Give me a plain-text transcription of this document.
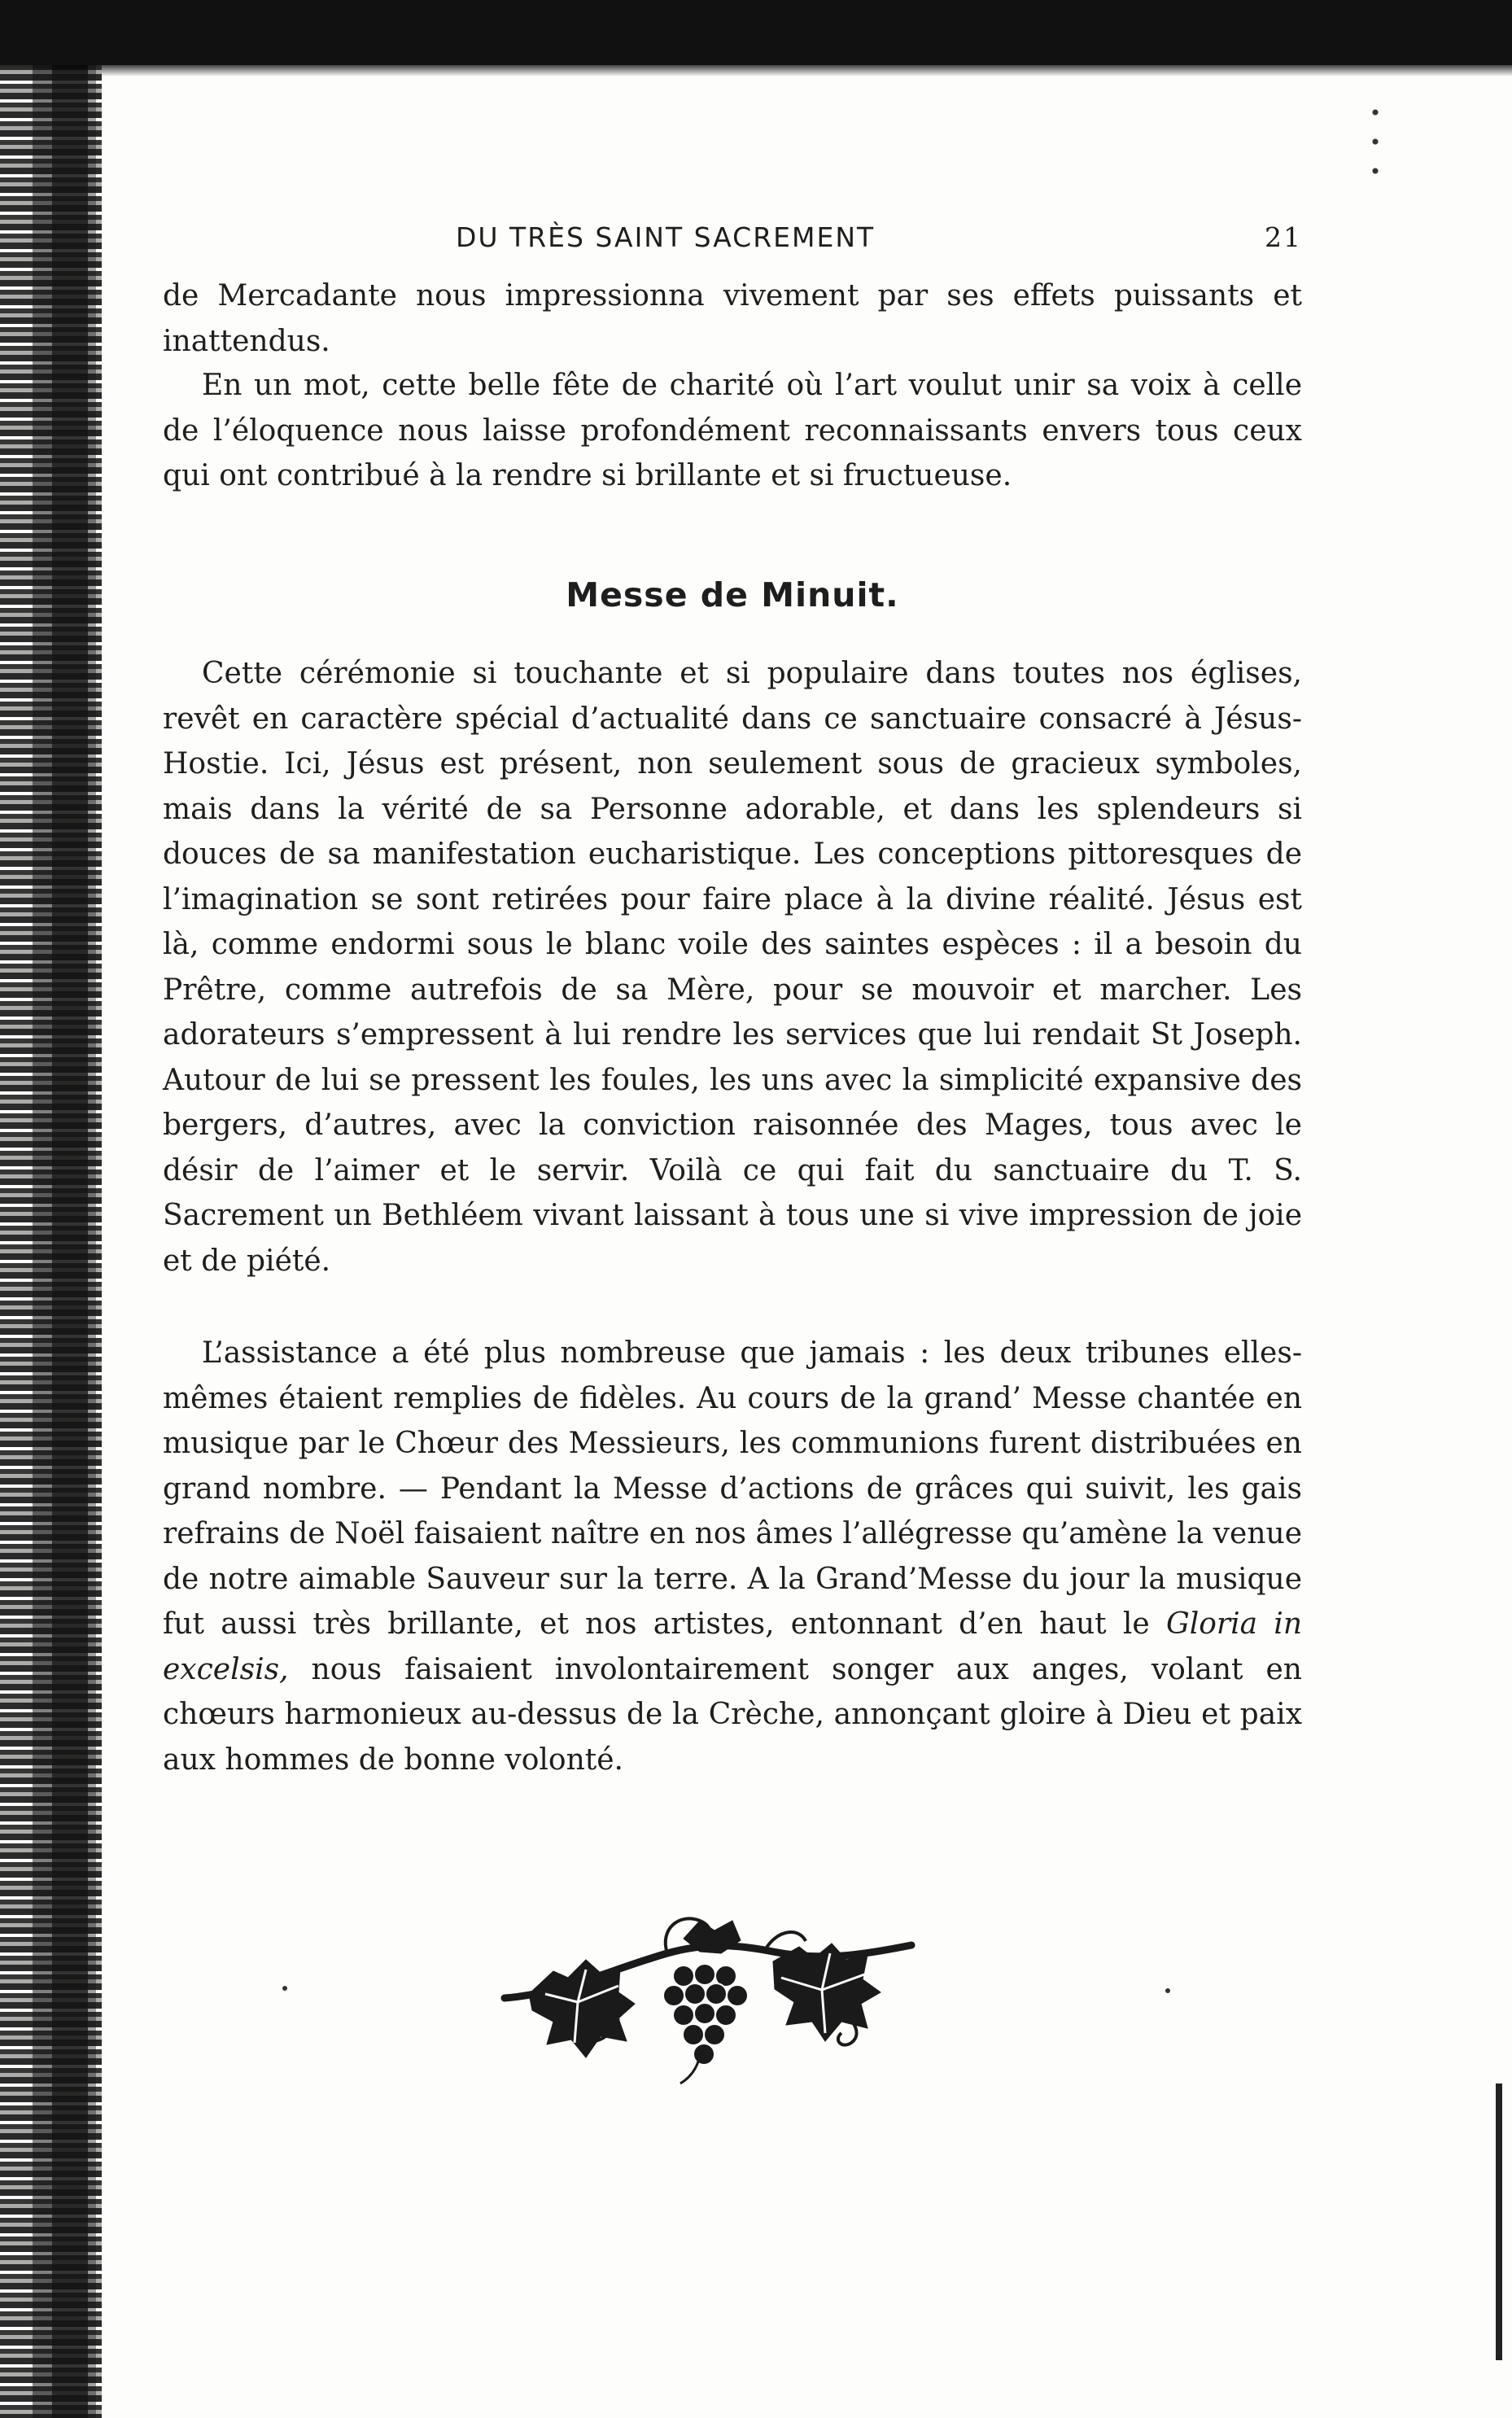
DU TRÈS SAINT SACREMENT	21

de Mercadante nous impressionna vivement par ses effets puissants et inattendus.

En un mot, cette belle fête de charité où l’art voulut unir sa voix à celle de l’éloquence nous laisse profondément reconnaissants envers tous ceux qui ont contribué à la rendre si brillante et si fructueuse.

Messe de Minuit.

Cette cérémonie si touchante et si populaire dans toutes nos églises, revêt en caractère spécial d’actualité dans ce sanctuaire consacré à Jésus-Hostie. Ici, Jésus est présent, non seulement sous de gracieux symboles, mais dans la vérité de sa Personne adorable, et dans les splendeurs si douces de sa manifestation eucharistique. Les conceptions pittoresques de l’imagination se sont retirées pour faire place à la divine réalité. Jésus est là, comme endormi sous le blanc voile des saintes espèces : il a besoin du Prêtre, comme autrefois de sa Mère, pour se mouvoir et marcher. Les adorateurs s’empressent à lui rendre les services que lui rendait St Joseph. Autour de lui se pressent les foules, les uns avec la simplicité expansive des bergers, d’autres, avec la conviction raisonnée des Mages, tous avec le désir de l’aimer et le servir. Voilà ce qui fait du sanctuaire du T. S. Sacrement un Bethléem vivant laissant à tous une si vive impression de joie et de piété.

L’assistance a été plus nombreuse que jamais : les deux tribunes elles-mêmes étaient remplies de fidèles. Au cours de la grand’ Messe chantée en musique par le Chœur des Messieurs, les communions furent distribuées en grand nombre. — Pendant la Messe d’actions de grâces qui suivit, les gais refrains de Noël faisaient naître en nos âmes l’allégresse qu’amène la venue de notre aimable Sauveur sur la terre. A la Grand’Messe du jour la musique fut aussi très brillante, et nos artistes, entonnant d’en haut le Gloria in excelsis, nous faisaient involontairement songer aux anges, volant en chœurs harmonieux au-dessus de la Crèche, annonçant gloire à Dieu et paix aux hommes de bonne volonté.
